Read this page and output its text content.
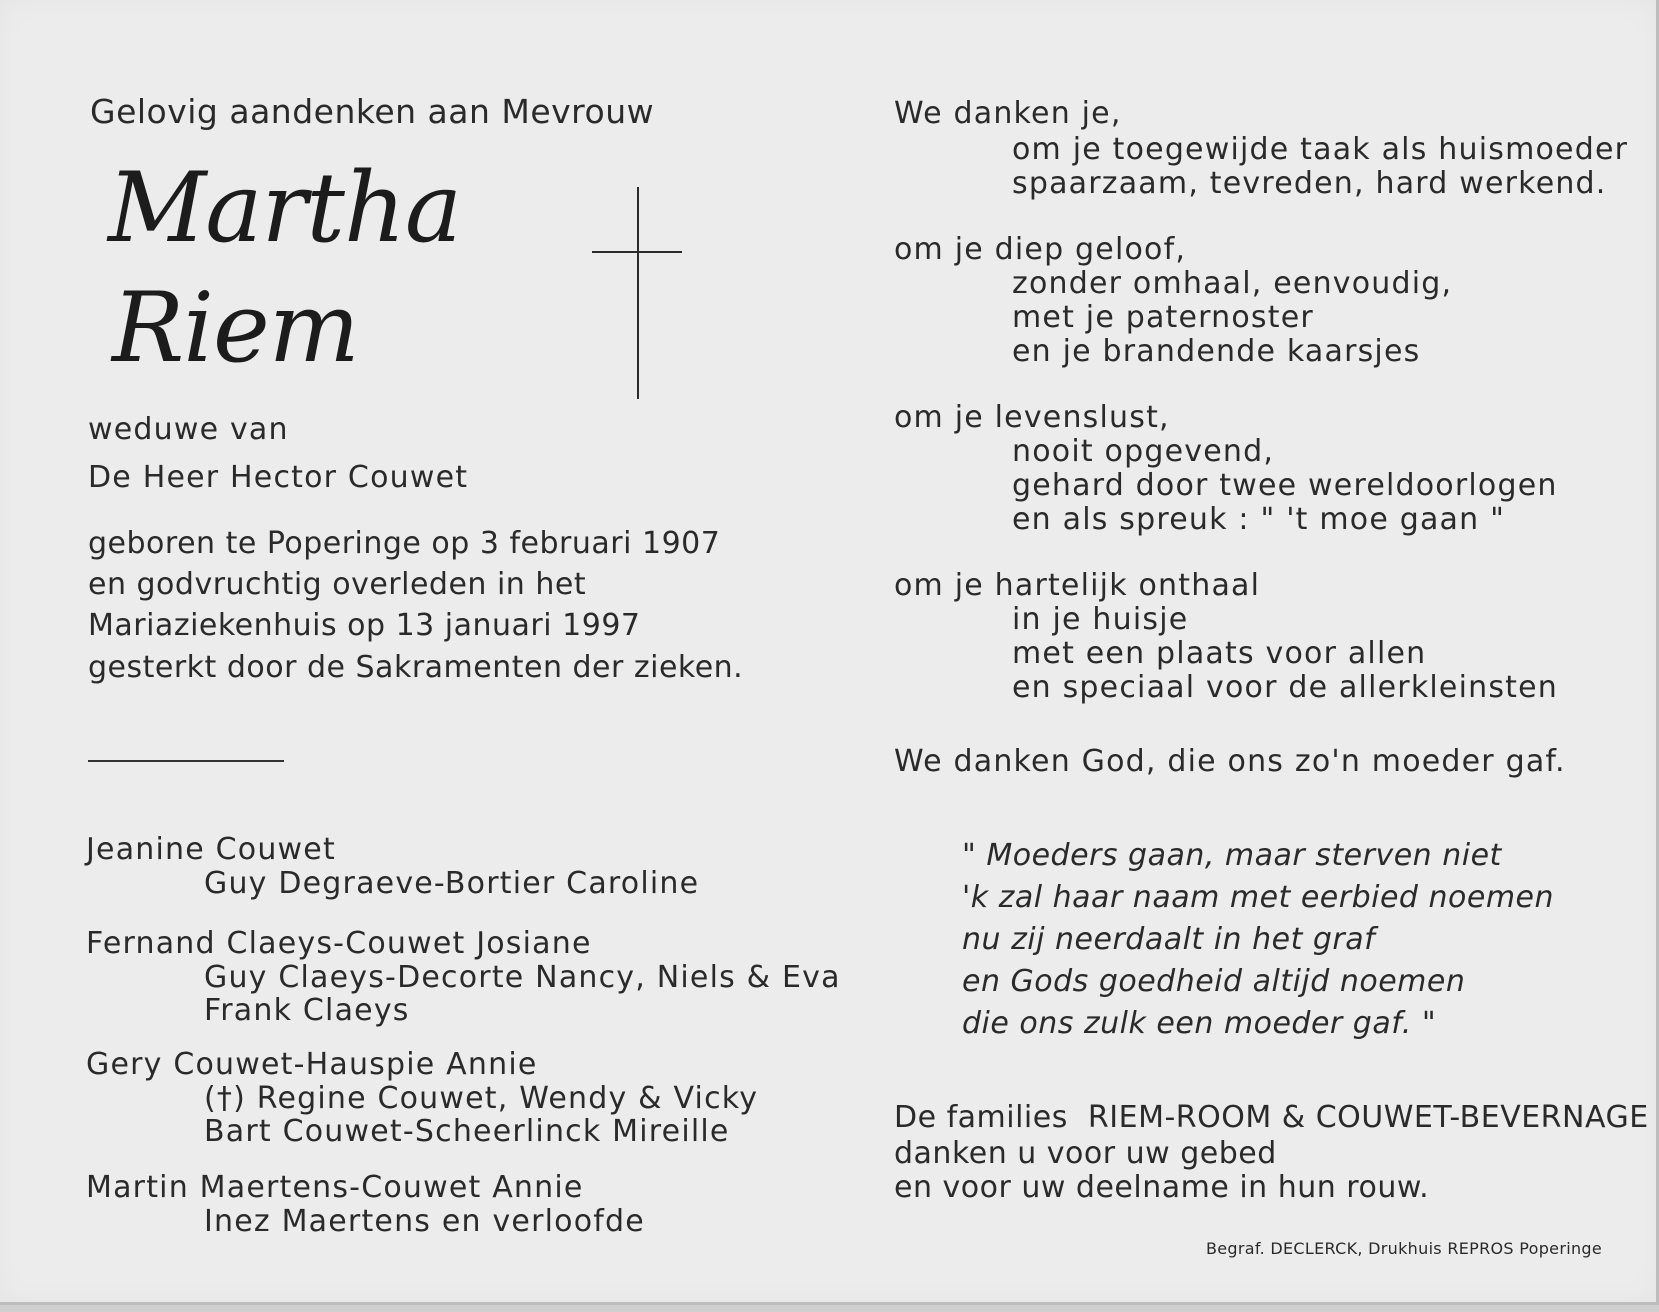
Gelovig aandenken aan Mevrouw
Martha
Riem
weduwe van
De Heer Hector Couwet
geboren te Poperinge op 3 februari 1907
en godvruchtig overleden in het
Mariaziekenhuis op 13 januari 1997
gesterkt door de Sakramenten der zieken.
Jeanine Couwet
Guy Degraeve-Bortier Caroline
Fernand Claeys-Couwet Josiane
Guy Claeys-Decorte Nancy, Niels & Eva
Frank Claeys
Gery Couwet-Hauspie Annie
(†) Regine Couwet, Wendy & Vicky
Bart Couwet-Scheerlinck Mireille
Martin Maertens-Couwet Annie
Inez Maertens en verloofde
We danken je,
om je toegewijde taak als huismoeder
spaarzaam, tevreden, hard werkend.
om je diep geloof,
zonder omhaal, eenvoudig,
met je paternoster
en je brandende kaarsjes
om je levenslust,
nooit opgevend,
gehard door twee wereldoorlogen
en als spreuk : " 't moe gaan "
om je hartelijk onthaal
in je huisje
met een plaats voor allen
en speciaal voor de allerkleinsten
We danken God, die ons zo'n moeder gaf.
" Moeders gaan, maar sterven niet
'k zal haar naam met eerbied noemen
nu zij neerdaalt in het graf
en Gods goedheid altijd noemen
die ons zulk een moeder gaf. "
De families  RIEM-ROOM & COUWET-BEVERNAGE
danken u voor uw gebed
en voor uw deelname in hun rouw.
Begraf. DECLERCK, Drukhuis REPROS Poperinge
